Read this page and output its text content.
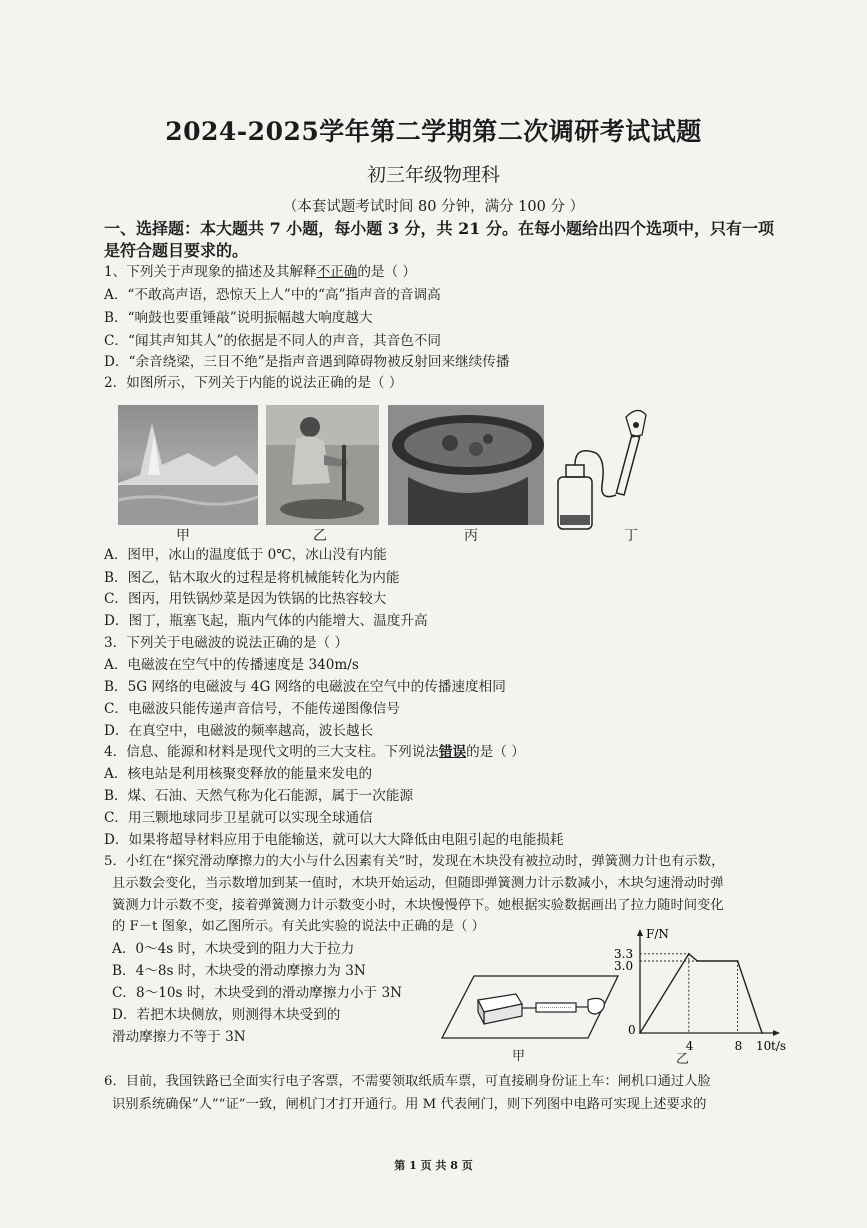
2024-2025学年第二学期第二次调研考试试题
初三年级物理科
（本套试题考试时间 80 分钟，满分 100 分 ）
一、选择题：本大题共 7 小题，每小题 3 分，共 21 分。在每小题给出四个选项中，只有一项
是符合题目要求的。
1、下列关于声现象的描述及其解释不正确的是（ ）
A．“不敢高声语，恐惊天上人”中的“高”指声音的音调高
B．“响鼓也要重锤敲”说明振幅越大响度越大
C．“闻其声知其人”的依据是不同人的声音，其音色不同
D．“余音绕梁，三日不绝”是指声音遇到障碍物被反射回来继续传播
2．如图所示，下列关于内能的说法正确的是（ ）
甲	乙	丙	丁
A．图甲，冰山的温度低于 0℃，冰山没有内能
B．图乙，钻木取火的过程是将机械能转化为内能
C．图丙，用铁锅炒菜是因为铁锅的比热容较大
D．图丁，瓶塞飞起，瓶内气体的内能增大、温度升高
3．下列关于电磁波的说法正确的是（ ）
A．电磁波在空气中的传播速度是 340m/s
B．5G 网络的电磁波与 4G 网络的电磁波在空气中的传播速度相同
C．电磁波只能传递声音信号，不能传递图像信号
D．在真空中，电磁波的频率越高，波长越长
4．信息、能源和材料是现代文明的三大支柱。下列说法错误的是（ ）
A．核电站是利用核聚变释放的能量来发电的
B．煤、石油、天然气称为化石能源，属于一次能源
C．用三颗地球同步卫星就可以实现全球通信
D．如果将超导材料应用于电能输送，就可以大大降低由电阻引起的电能损耗
5．小红在“探究滑动摩擦力的大小与什么因素有关”时，发现在木块没有被拉动时，弹簧测力计也有示数，
且示数会变化，当示数增加到某一值时，木块开始运动，但随即弹簧测力计示数减小，木块匀速滑动时弹
簧测力计示数不变，接着弹簧测力计示数变小时，木块慢慢停下。她根据实验数据画出了拉力随时间变化
的 F－t 图象，如乙图所示。有关此实验的说法中正确的是（ ）
A．0～4s 时，木块受到的阻力大于拉力
B．4～8s 时，木块受的滑动摩擦力为 3N
C．8～10s 时，木块受到的滑动摩擦力小于 3N
D．若把木块侧放，则测得木块受到的
滑动摩擦力不等于 3N
甲
F/N
t/s
0
3.3
3.0
4	8 10
乙
6．目前，我国铁路已全面实行电子客票，不需要领取纸质车票，可直接刷身份证上车：闸机口通过人脸
识别系统确保“人”“证”一致，闸机门才打开通行。用 M 代表闸门，则下列图中电路可实现上述要求的
第 1 页 共 8 页
